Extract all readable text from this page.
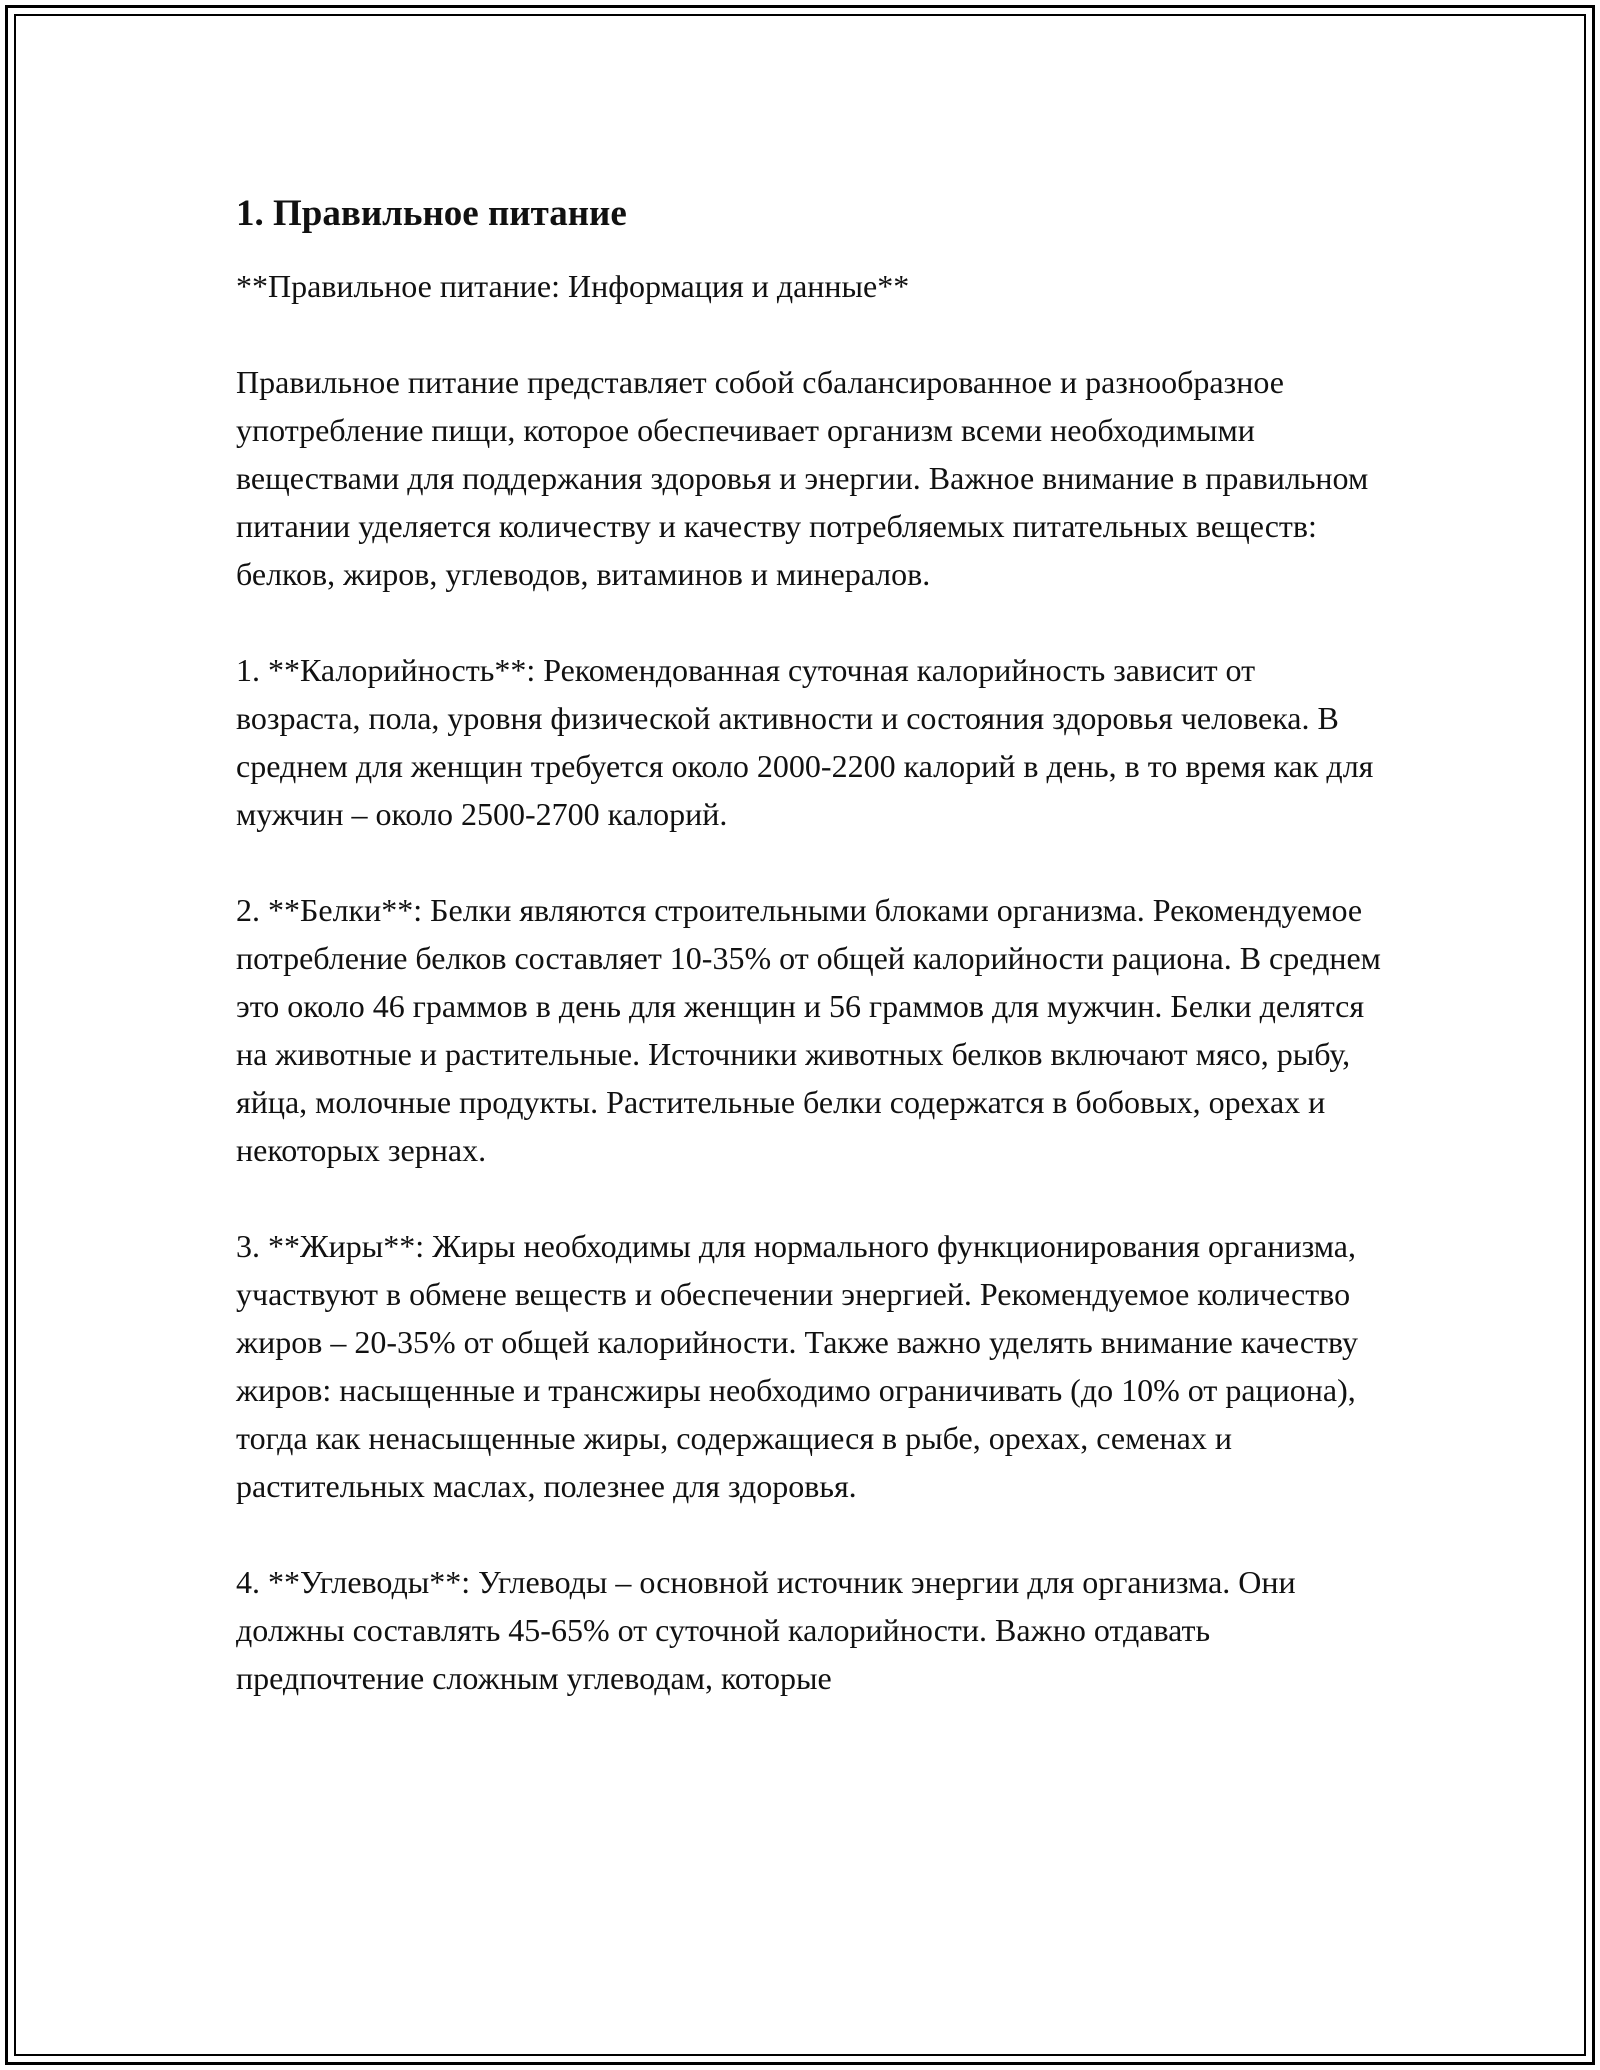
1. Правильное питание

**Правильное питание: Информация и данные**

Правильное питание представляет собой сбалансированное и разнообразное употребление пищи, которое обеспечивает организм всеми необходимыми веществами для поддержания здоровья и энергии. Важное внимание в правильном питании уделяется количеству и качеству потребляемых питательных веществ: белков, жиров, углеводов, витаминов и минералов.

1. **Калорийность**: Рекомендованная суточная калорийность зависит от возраста, пола, уровня физической активности и состояния здоровья человека. В среднем для женщин требуется около 2000-2200 калорий в день, в то время как для мужчин – около 2500-2700 калорий.

2. **Белки**: Белки являются строительными блоками организма. Рекомендуемое потребление белков составляет 10-35% от общей калорийности рациона. В среднем это около 46 граммов в день для женщин и 56 граммов для мужчин. Белки делятся на животные и растительные. Источники животных белков включают мясо, рыбу, яйца, молочные продукты. Растительные белки содержатся в бобовых, орехах и некоторых зернах.

3. **Жиры**: Жиры необходимы для нормального функционирования организма, участвуют в обмене веществ и обеспечении энергией. Рекомендуемое количество жиров – 20-35% от общей калорийности. Также важно уделять внимание качеству жиров: насыщенные и трансжиры необходимо ограничивать (до 10% от рациона), тогда как ненасыщенные жиры, содержащиеся в рыбе, орехах, семенах и растительных маслах, полезнее для здоровья.

4. **Углеводы**: Углеводы – основной источник энергии для организма. Они должны составлять 45-65% от суточной калорийности. Важно отдавать предпочтение сложным углеводам, которые
